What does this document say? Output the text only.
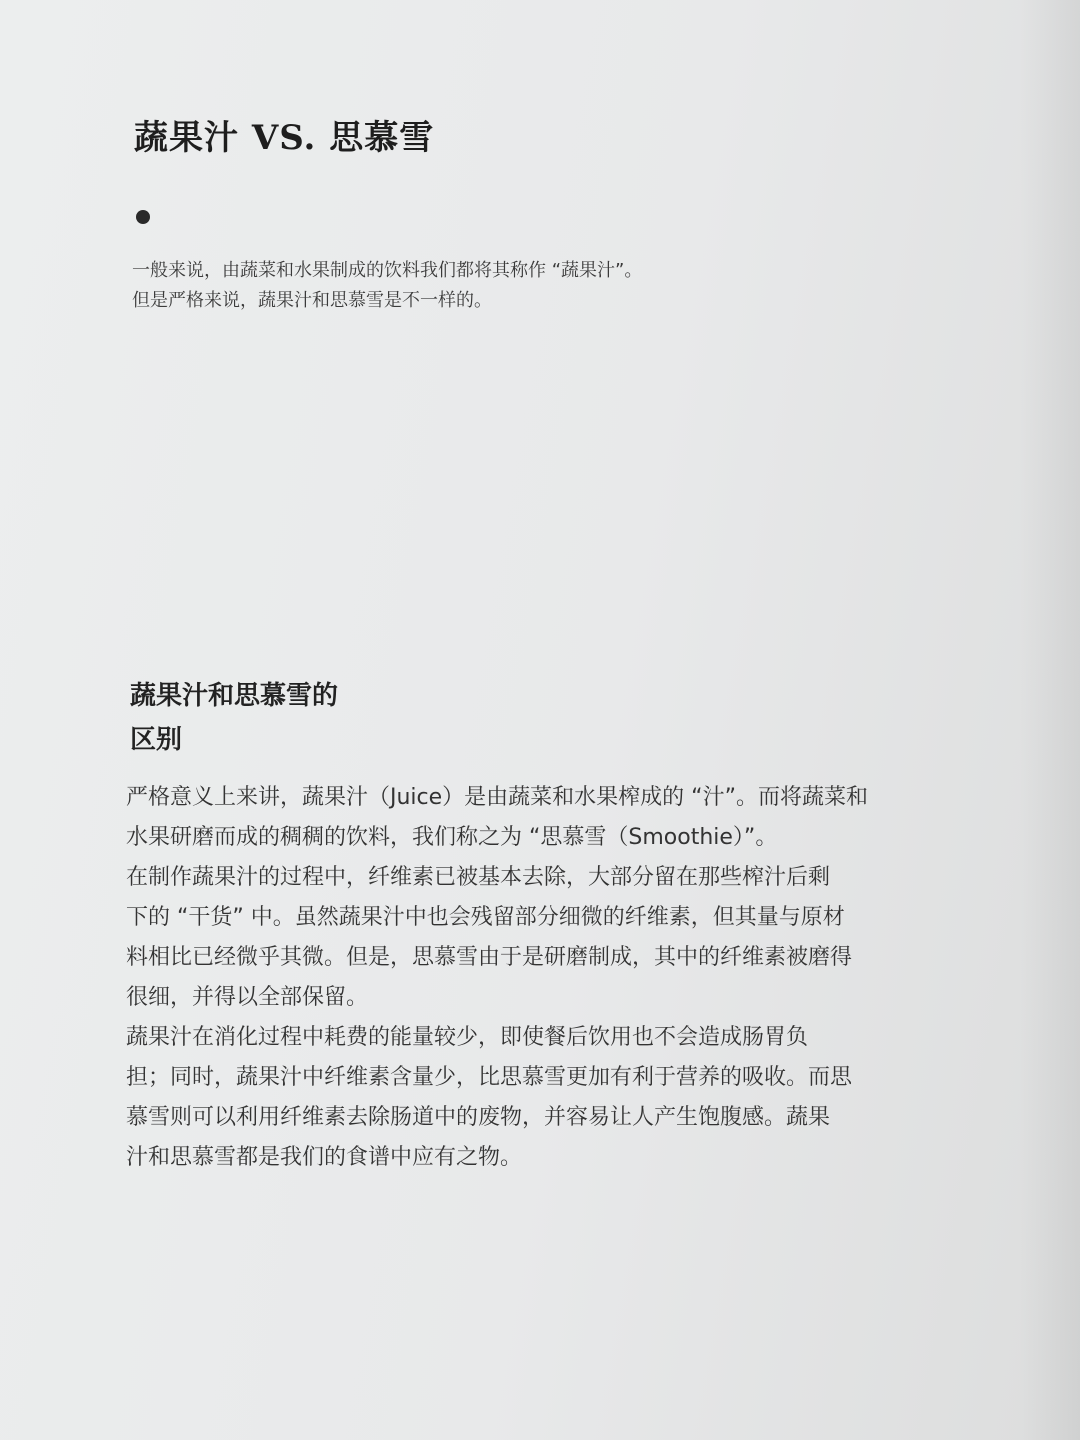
蔬果汁 VS. 思慕雪

一般来说，由蔬菜和水果制成的饮料我们都将其称作 “蔬果汁”。

但是严格来说，蔬果汁和思慕雪是不一样的。

蔬果汁和思慕雪的
区别

严格意义上来讲，蔬果汁（Juice）是由蔬菜和水果榨成的 “汁”。而将蔬菜和
水果研磨而成的稠稠的饮料，我们称之为 “思慕雪（Smoothie）”。

在制作蔬果汁的过程中，纤维素已被基本去除，大部分留在那些榨汁后剩
下的 “干货” 中。虽然蔬果汁中也会残留部分细微的纤维素，但其量与原材
料相比已经微乎其微。但是，思慕雪由于是研磨制成，其中的纤维素被磨得
很细，并得以全部保留。

蔬果汁在消化过程中耗费的能量较少，即使餐后饮用也不会造成肠胃负
担；同时，蔬果汁中纤维素含量少，比思慕雪更加有利于营养的吸收。而思
慕雪则可以利用纤维素去除肠道中的废物，并容易让人产生饱腹感。蔬果
汁和思慕雪都是我们的食谱中应有之物。
